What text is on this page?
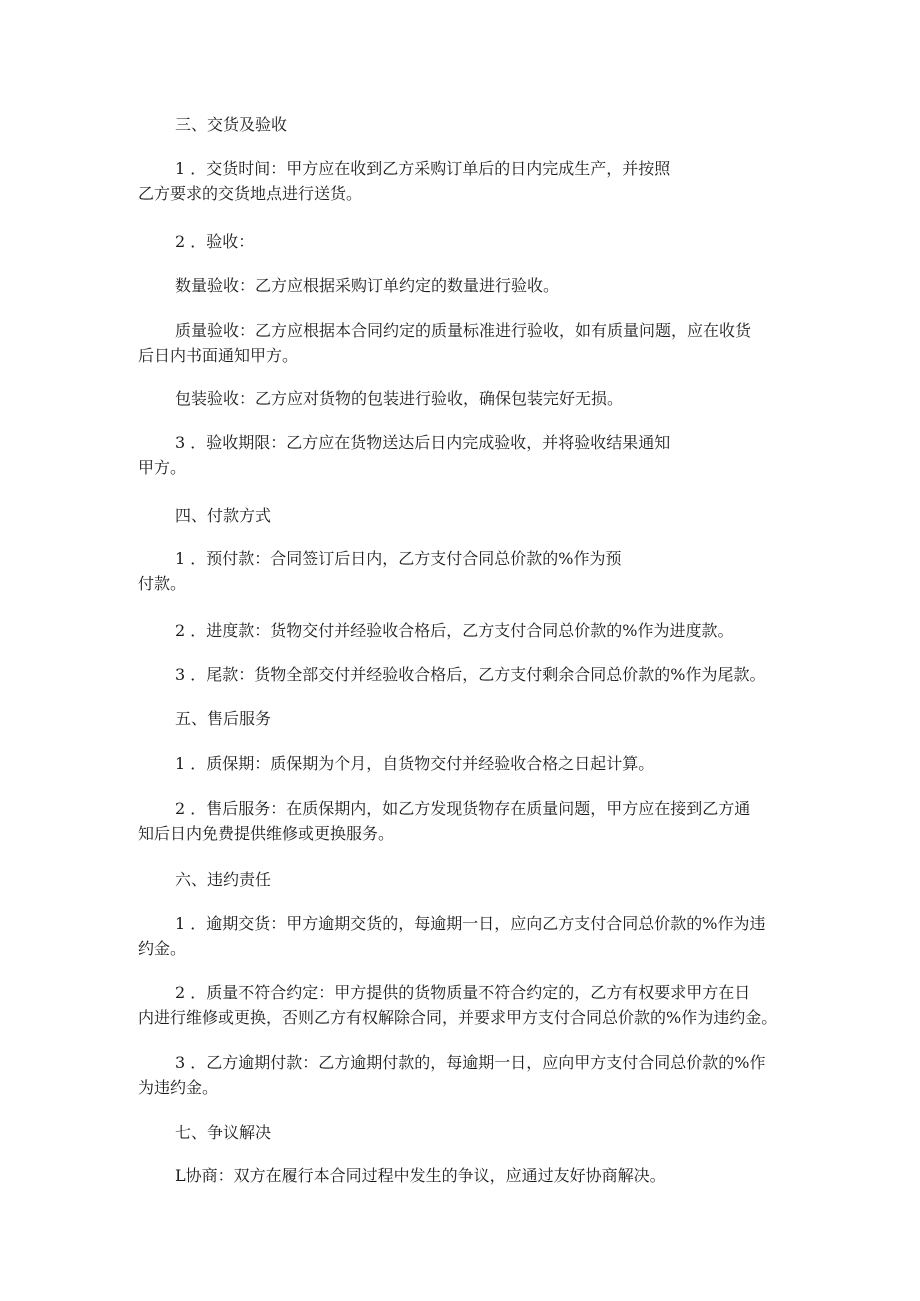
三、交货及验收
1 ．交货时间：甲方应在收到乙方采购订单后的日内完成生产，并按照
乙方要求的交货地点进行送货。
2 ．验收：
数量验收：乙方应根据采购订单约定的数量进行验收。
质量验收：乙方应根据本合同约定的质量标准进行验收，如有质量问题，应在收货
后日内书面通知甲方。
包装验收：乙方应对货物的包装进行验收，确保包装完好无损。
3 ．验收期限：乙方应在货物送达后日内完成验收，并将验收结果通知
甲方。
四、付款方式
1 ．预付款：合同签订后日内，乙方支付合同总价款的%作为预
付款。
2 ．进度款：货物交付并经验收合格后，乙方支付合同总价款的%作为进度款。
3 ．尾款：货物全部交付并经验收合格后，乙方支付剩余合同总价款的%作为尾款。
五、售后服务
1 ．质保期：质保期为个月，自货物交付并经验收合格之日起计算。
2 ．售后服务：在质保期内，如乙方发现货物存在质量问题，甲方应在接到乙方通
知后日内免费提供维修或更换服务。
六、违约责任
1 ．逾期交货：甲方逾期交货的，每逾期一日，应向乙方支付合同总价款的%作为违
约金。
2 ．质量不符合约定：甲方提供的货物质量不符合约定的，乙方有权要求甲方在日
内进行维修或更换，否则乙方有权解除合同，并要求甲方支付合同总价款的%作为违约金。
3 ．乙方逾期付款：乙方逾期付款的，每逾期一日，应向甲方支付合同总价款的%作
为违约金。
七、争议解决
L协商：双方在履行本合同过程中发生的争议，应通过友好协商解决。
